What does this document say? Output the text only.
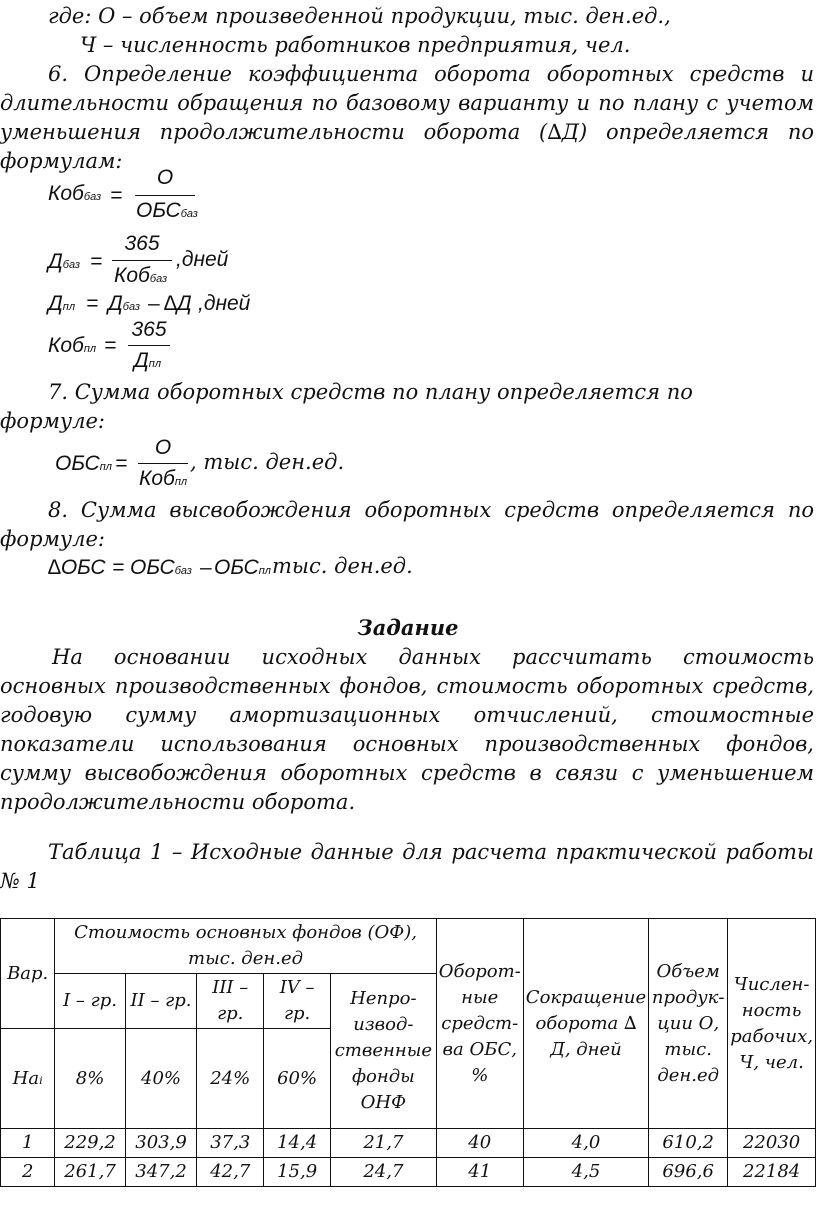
где: О – объем произведенной продукции, тыс. ден.ед.,
Ч – численность работников предприятия, чел.
6. Определение коэффициента оборота оборотных средств и
длительности обращения по базовому варианту и по плану с учетом
уменьшения продолжительности оборота (∆Д) определяется по
формулам:
Коббаз =
О
ОБСбаз
Дбаз =
365
Коббаз
,дней
Дпл = Дбаз – ∆Д ,дней
Кобпл =
365
Дпл
7. Сумма оборотных средств по плану определяется по
формуле:
ОБСпл =
О
Кобпл
, тыс. ден.ед.
8. Сумма высвобождения оборотных средств определяется по
формуле:
∆ОБС = ОБСбаз – ОБСпл тыс. ден.ед.
Задание
На основании исходных данных рассчитать стоимость
основных производственных фондов, стоимость оборотных средств,
годовую сумму амортизационных отчислений, стоимостные
показатели использования основных производственных фондов,
сумму высвобождения оборотных средств в связи с уменьшением
продолжительности оборота.
Таблица 1 – Исходные данные для расчета практической работы
№ 1
Вар.	Стоимость основных фондов (ОФ), тыс. ден.ед					Оборот-ные средст-ва ОБС, %	Сокращение оборота ∆ Д, дней	Объем продук-ции О, тыс. ден.ед	Числен-ность рабочих, Ч, чел.
	I – гр.	II – гр.	III – гр.	IV – гр.	Непро-извод-ственные фонды ОНФ				
Наᵢ	8%	40%	24%	60%					
1	229,2	303,9	37,3	14,4	21,7	40	4,0	610,2	22030
2	261,7	347,2	42,7	15,9	24,7	41	4,5	696,6	22184
